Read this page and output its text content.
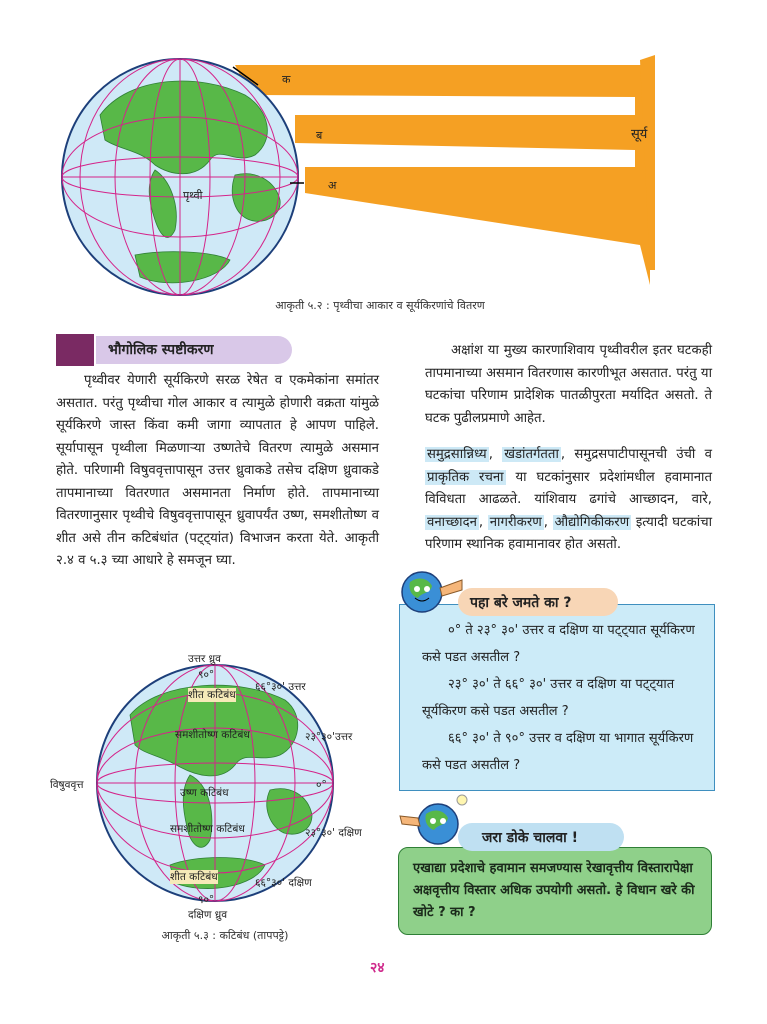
क
ब
अ
सूर्य
पृथ्वी
आकृती ५.२ : पृथ्वीचा आकार व सूर्यकिरणांचे वितरण
भौगोलिक स्पष्टीकरण
पृथ्वीवर येणारी सूर्यकिरणे सरळ रेषेत व एकमेकांना समांतर असतात. परंतु पृथ्वीचा गोल आकार व त्यामुळे होणारी वक्रता यांमुळे सूर्यकिरणे जास्त किंवा कमी जागा व्यापतात हे आपण पाहिले. सूर्यापासून पृथ्वीला मिळणाऱ्या उष्णतेचे वितरण त्यामुळे असमान होते. परिणामी विषुववृत्तापासून उत्तर ध्रुवाकडे तसेच दक्षिण ध्रुवाकडे तापमानाच्या वितरणात असमानता निर्माण होते. तापमानाच्या वितरणानुसार पृथ्वीचे विषुववृत्तापासून ध्रुवापर्यंत उष्ण, समशीतोष्ण व शीत असे तीन कटिबंधांत (पट्ट्यांत) विभाजन करता येते. आकृती २.४ व ५.३ च्या आधारे हे समजून घ्या.
उत्तर ध्रुव
९०°
६६°३०' उत्तर
२३°३०'उत्तर
०°
विषुववृत्त
२३°३०' दक्षिण
६६°३०' दक्षिण
९०°
दक्षिण ध्रुव
शीत कटिबंध
समशीतोष्ण कटिबंध
उष्ण कटिबंध
समशीतोष्ण कटिबंध
शीत कटिबंध
आकृती ५.३ : कटिबंध (तापपट्टे)
अक्षांश या मुख्य कारणाशिवाय पृथ्वीवरील इतर घटकही तापमानाच्या असमान वितरणास कारणीभूत असतात. परंतु या घटकांचा परिणाम प्रादेशिक पातळीपुरता मर्यादित असतो. ते घटक पुढीलप्रमाणे आहेत.
समुद्रसान्निध्य , खंडांतर्गतता , समुद्रसपाटीपासूनची उंची व प्राकृतिक रचना या घटकांनुसार प्रदेशांमधील हवामानात विविधता आढळते. यांशिवाय ढगांचे आच्छादन, वारे, वनाच्छादन , नागरीकरण , औद्योगिकीकरण इत्यादी घटकांचा परिणाम स्थानिक हवामानावर होत असतो.

०° ते २३° ३०' उत्तर व दक्षिण या पट्ट्यात सूर्यकिरण कसे पडत असतील ?

२३° ३०' ते ६६° ३०' उत्तर व दक्षिण या पट्ट्यात सूर्यकिरण कसे पडत असतील ?

६६° ३०' ते ९०° उत्तर व दक्षिण या भागात सूर्यकिरण कसे पडत असतील ?

पहा बरे जमते का ?

एखाद्या प्रदेशाचे हवामान समजण्यास रेखावृत्तीय विस्तारापेक्षा अक्षवृत्तीय विस्तार अधिक उपयोगी असतो. हे विधान खरे की खोटे ? का ?

जरा डोके चालवा !
२४
